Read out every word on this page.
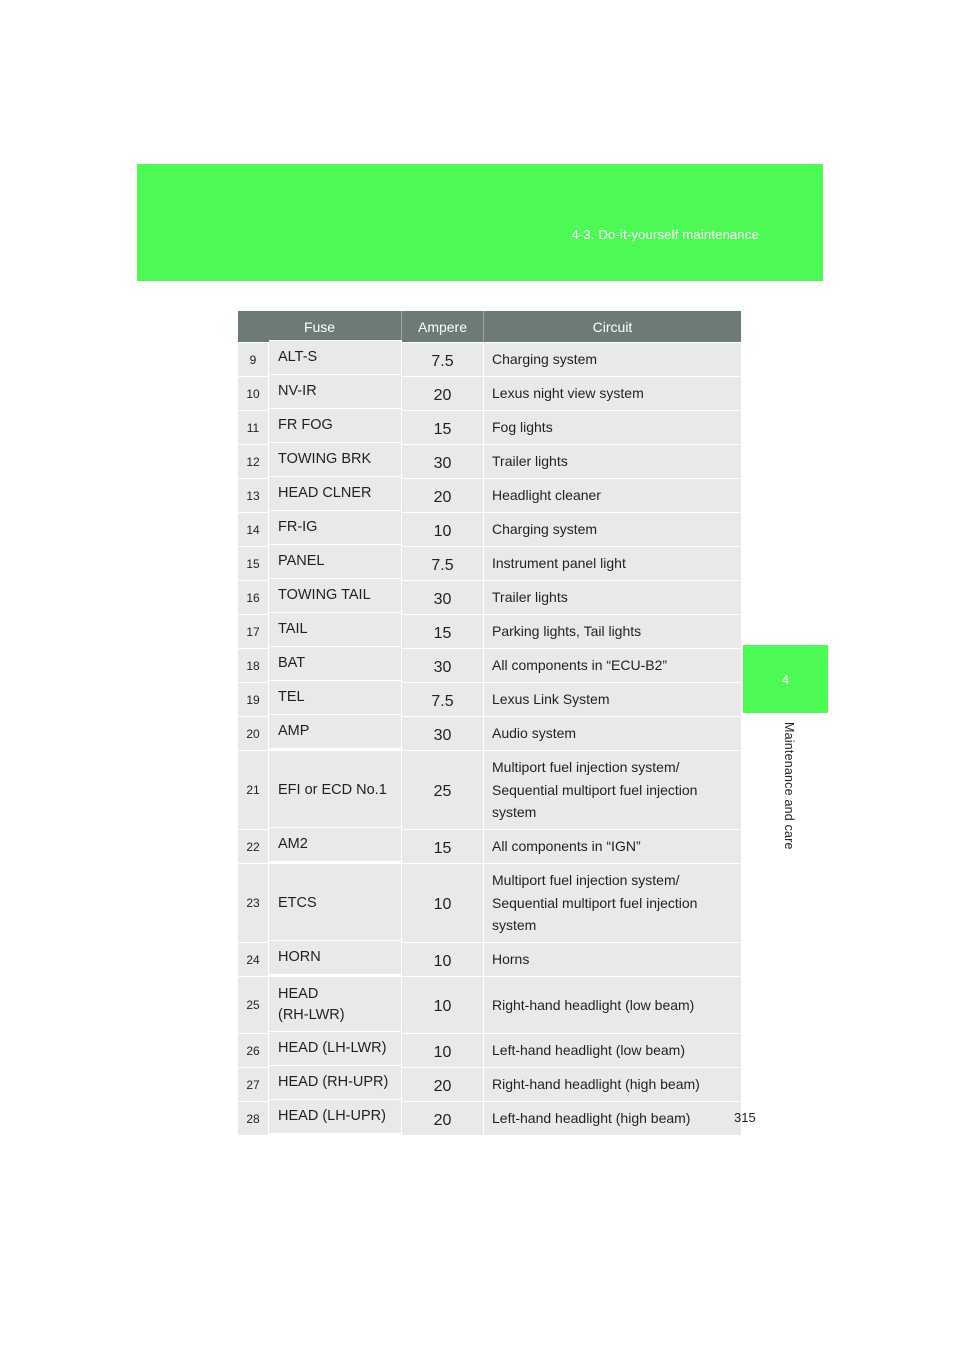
4-3. Do-it-yourself maintenance
4
Maintenance and care
Fuse		Ampere	Circuit
9	ALT-S	7.5	Charging system

10	NV-IR	20	Lexus night view system

11	FR FOG	15	Fog lights

12	TOWING BRK	30	Trailer lights

13	HEAD CLNER	20	Headlight cleaner

14	FR-IG	10	Charging system

15	PANEL	7.5	Instrument panel light

16	TOWING TAIL	30	Trailer lights

17	TAIL	15	Parking lights, Tail lights

18	BAT	30	All components in “ECU-B2”

19	TEL	7.5	Lexus Link System

20	AMP	30	Audio system

21	EFI or ECD No.1	25	Multiport fuel injection system/
Sequential multiport fuel injection
system

22	AM2	15	All components in “IGN”

23	ETCS	10	Multiport fuel injection system/
Sequential multiport fuel injection
system

24	HORN	10	Horns

25	HEAD
(RH-LWR)	10	Right-hand headlight (low beam)

26	HEAD (LH-LWR)	10	Left-hand headlight (low beam)

27	HEAD (RH-UPR)	20	Right-hand headlight (high beam)

28	HEAD (LH-UPR)	20	Left-hand headlight (high beam)	315
